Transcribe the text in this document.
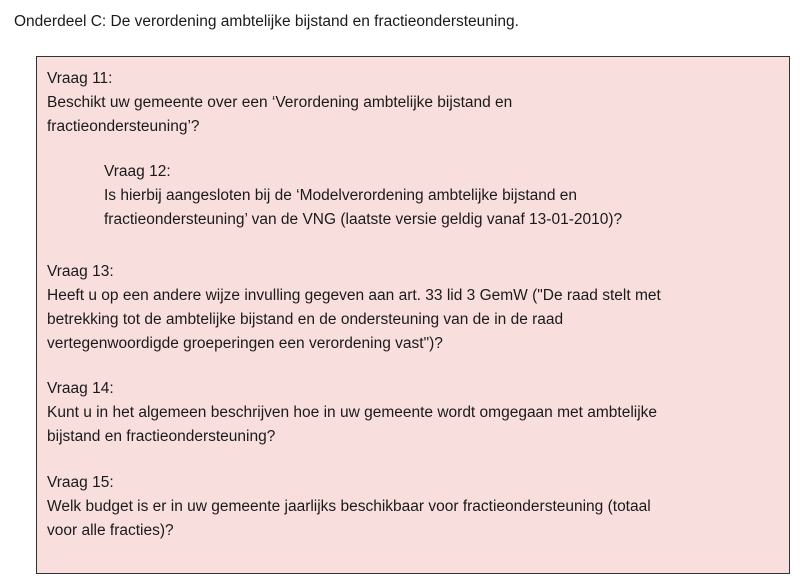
Onderdeel C: De verordening ambtelijke bijstand en fractieondersteuning.
Vraag 11:
Beschikt uw gemeente over een ‘Verordening ambtelijke bijstand en
fractieondersteuning’?
Vraag 12:
Is hierbij aangesloten bij de ‘Modelverordening ambtelijke bijstand en
fractieondersteuning’ van de VNG (laatste versie geldig vanaf 13-01-2010)?
Vraag 13:
Heeft u op een andere wijze invulling gegeven aan art. 33 lid 3 GemW ("De raad stelt met
betrekking tot de ambtelijke bijstand en de ondersteuning van de in de raad
vertegenwoordigde groeperingen een verordening vast")?
Vraag 14:
Kunt u in het algemeen beschrijven hoe in uw gemeente wordt omgegaan met ambtelijke
bijstand en fractieondersteuning?
Vraag 15:
Welk budget is er in uw gemeente jaarlijks beschikbaar voor fractieondersteuning (totaal
voor alle fracties)?
